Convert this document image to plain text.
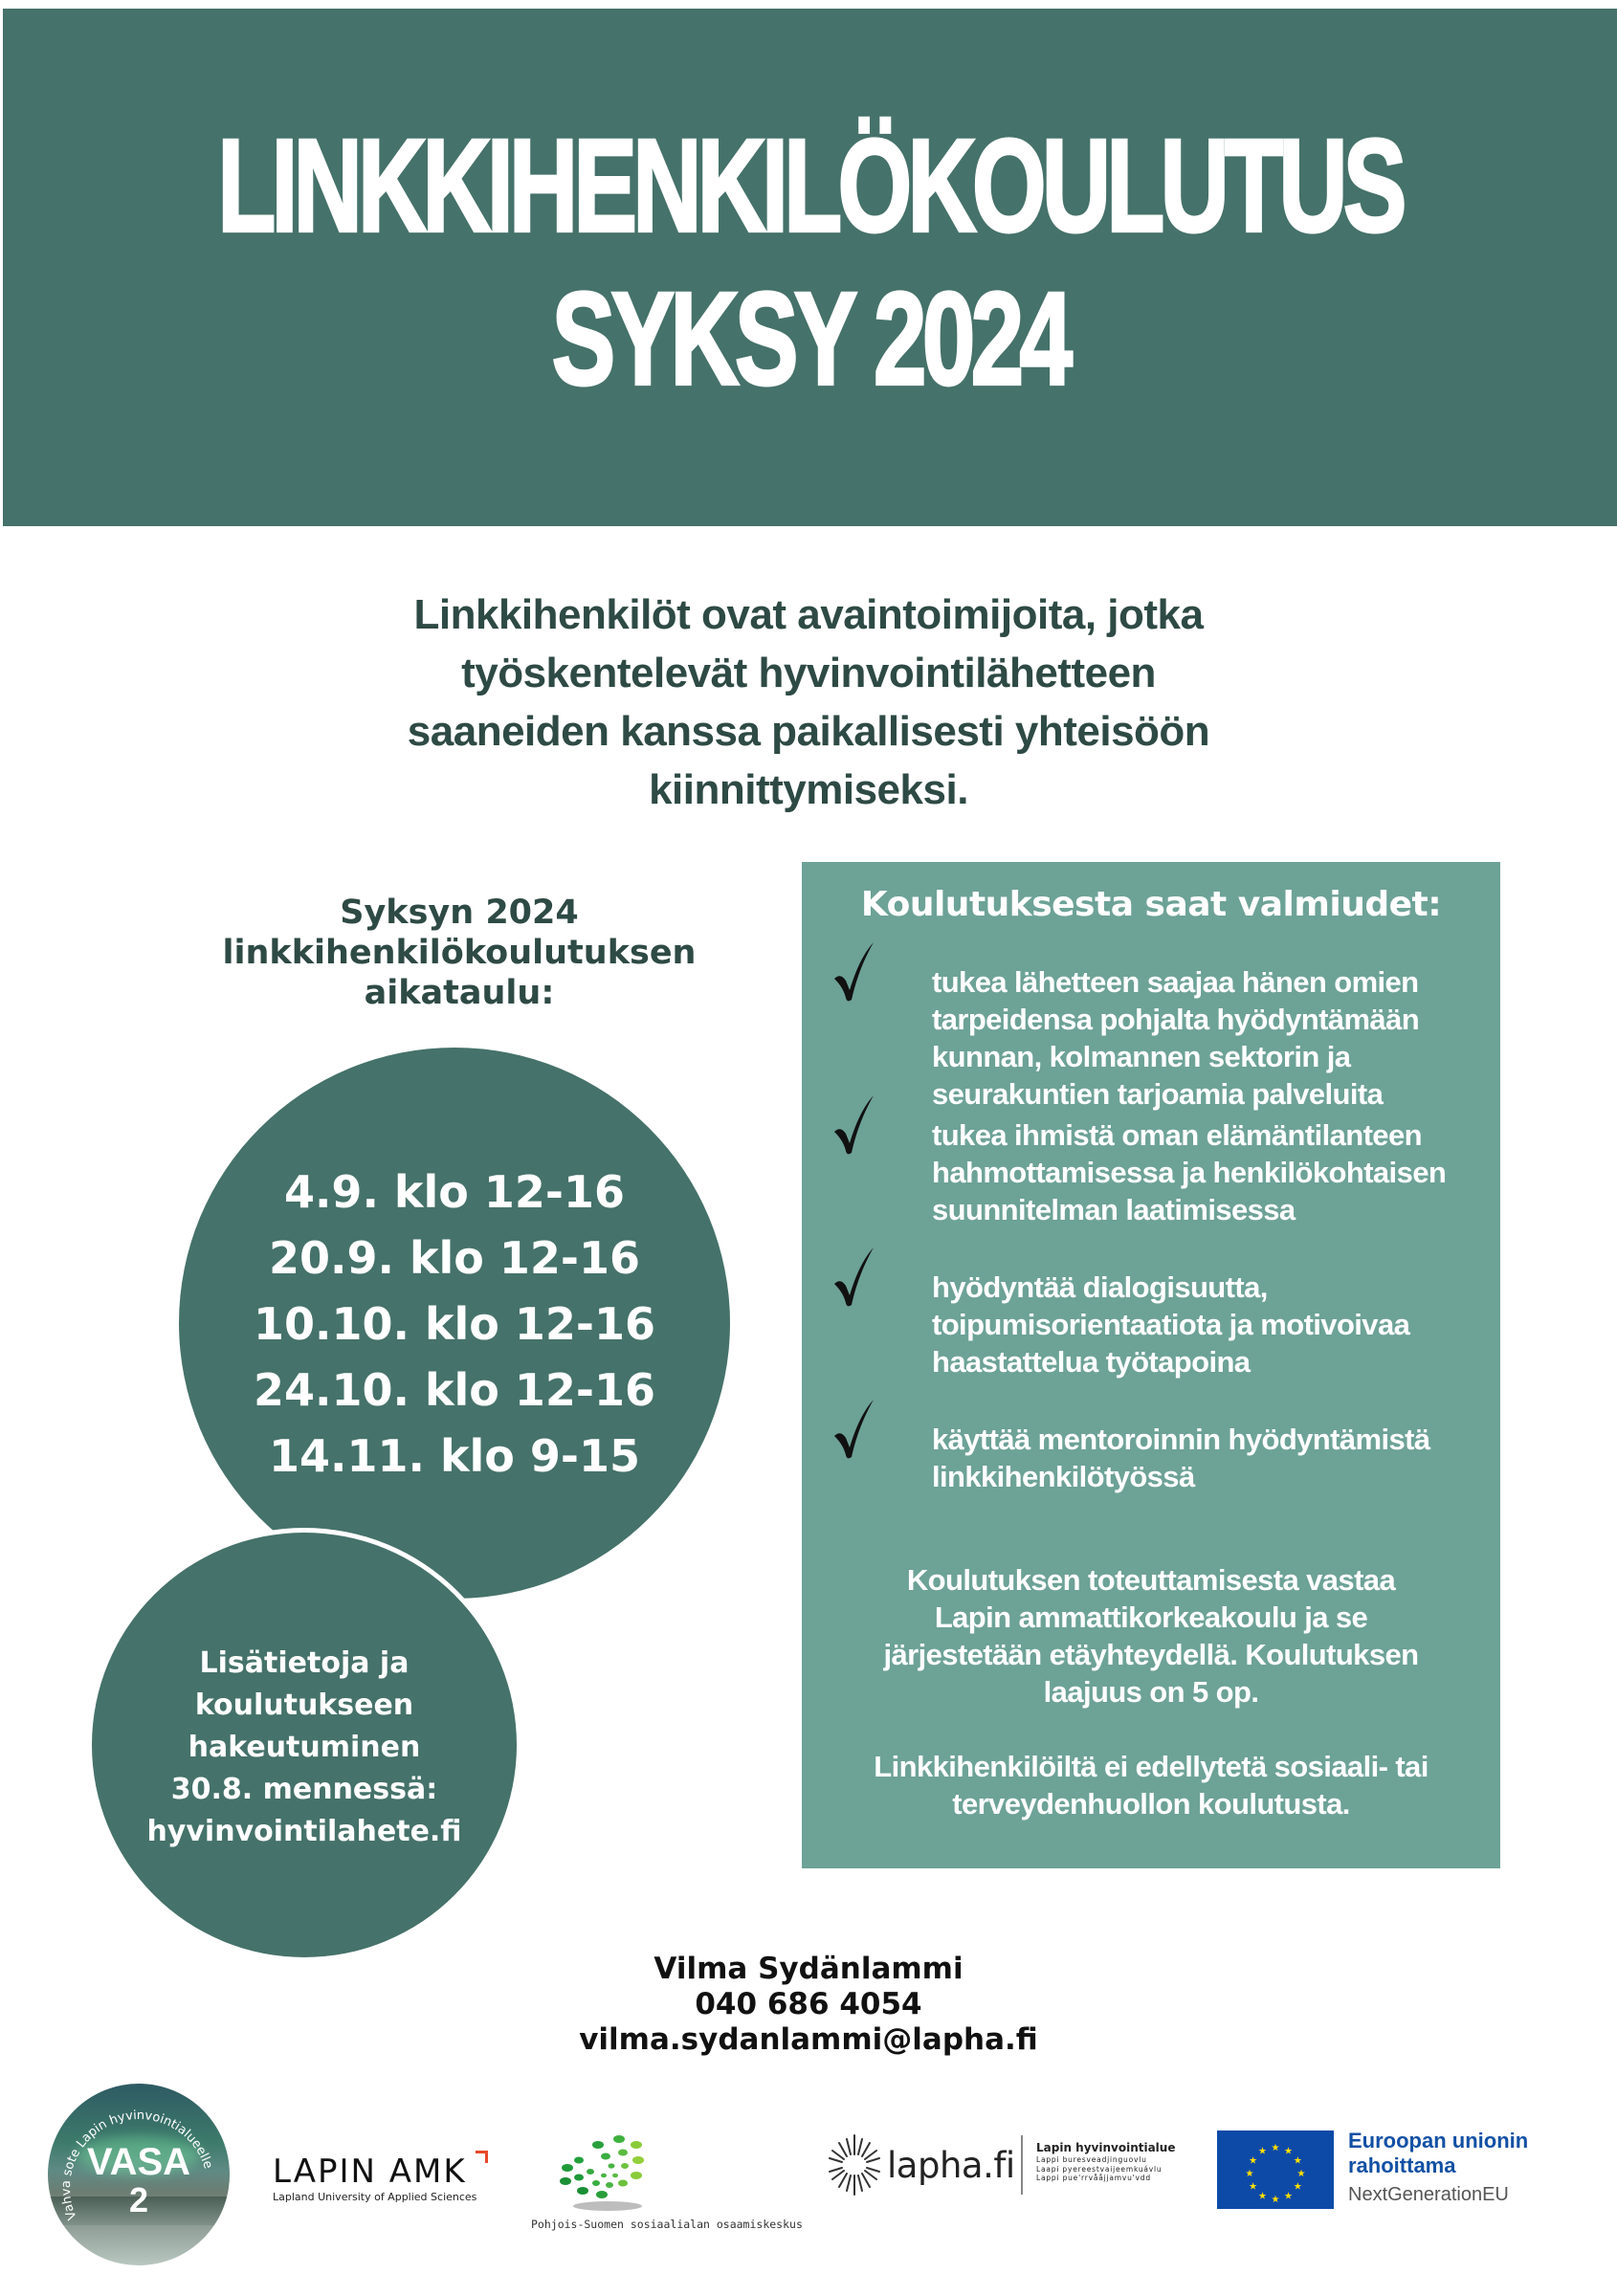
LINKKIHENKILÖKOULUTUS
SYKSY 2024
Linkkihenkilöt ovat avaintoimijoita, jotka
työskentelevät hyvinvointilähetteen
saaneiden kanssa paikallisesti yhteisöön
kiinnittymiseksi.
Syksyn 2024
linkkihenkilökoulutuksen
aikataulu:
4.9. klo 12-16
20.9. klo 12-16
10.10. klo 12-16
24.10. klo 12-16
14.11. klo 9-15
Lisätietoja ja
koulutukseen
hakeutuminen
30.8. mennessä:
hyvinvointilahete.fi
Koulutuksesta saat valmiudet:
tukea lähetteen saajaa hänen omien
tarpeidensa pohjalta hyödyntämään
kunnan, kolmannen sektorin ja
seurakuntien tarjoamia palveluita
tukea ihmistä oman elämäntilanteen
hahmottamisessa ja henkilökohtaisen
suunnitelman laatimisessa
hyödyntää dialogisuutta,
toipumisorientaatiota ja motivoivaa
haastattelua työtapoina
käyttää mentoroinnin hyödyntämistä
linkkihenkilötyössä
Koulutuksen toteuttamisesta vastaa
Lapin ammattikorkeakoulu ja se
järjestetään etäyhteydellä. Koulutuksen
laajuus on 5 op.
Linkkihenkilöiltä ei edellytetä sosiaali- tai
terveydenhuollon koulutusta.
Vilma Sydänlammi
040 686 4054
vilma.sydanlammi@lapha.fi
Vahva sote Lapin hyvinvointialueelle
VASA
2
LAPIN AMK
Lapland University of Applied Sciences
Pohjois-Suomen sosiaalialan osaamiskeskus
lapha.fi Lapin hyvinvointialue
Lappi buresveadjinguovlu
Laapi pyereestvaijeemkuávlu
Lappi pue'rrvååjjamvu'vdd
★ ★
★
★
★
★
★
★
★
★
★
★	Euroopan unionin
rahoittama
NextGenerationEU
